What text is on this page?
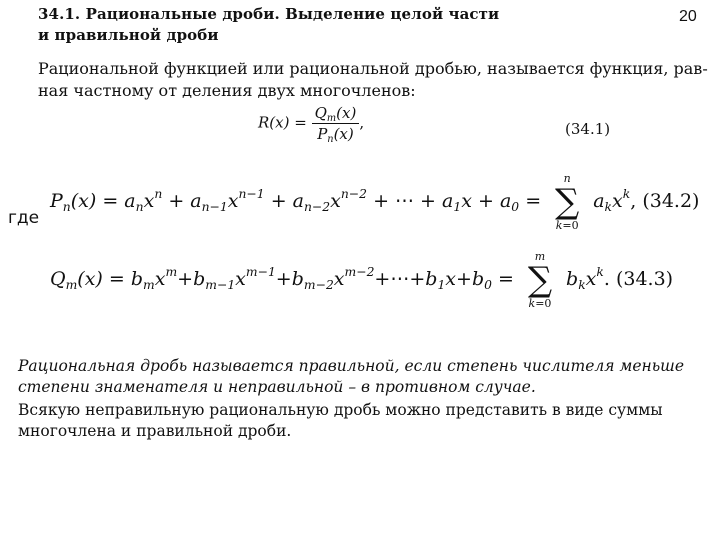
34.1. Рациональные дроби. Выделение целой части
и правильной дроби
20
Рациональной функцией или рациональной дробью, называется функция, рав-
ная частному от деления двух многочленов:
$R(x) = \frac{Q_m(x)}{P_n(x)}$ ,	(34.1)
$P_n(x) = a_nx^n + a_{n-1}x^{n-1} + a_{n-2}x^{n-2}$ + ⋯ + $a_1x + a_0$ =
n
∑
k=0
$a_kx^k$, (34.2)
где
$Q_m(x)$ = $b_mx^m+b_{m-1}x^{m-1}+b_{m-2}x^{m-2}+\cdots+b_1x+b_0$ =
m
∑
k=0
$b_kx^k$. (34.3)
Рациональная дробь называется правильной, если степень числителя меньше
степени знаменателя и неправильной – в противном случае.
Всякую неправильную рациональную дробь можно представить в виде суммы
многочлена и правильной дроби.
